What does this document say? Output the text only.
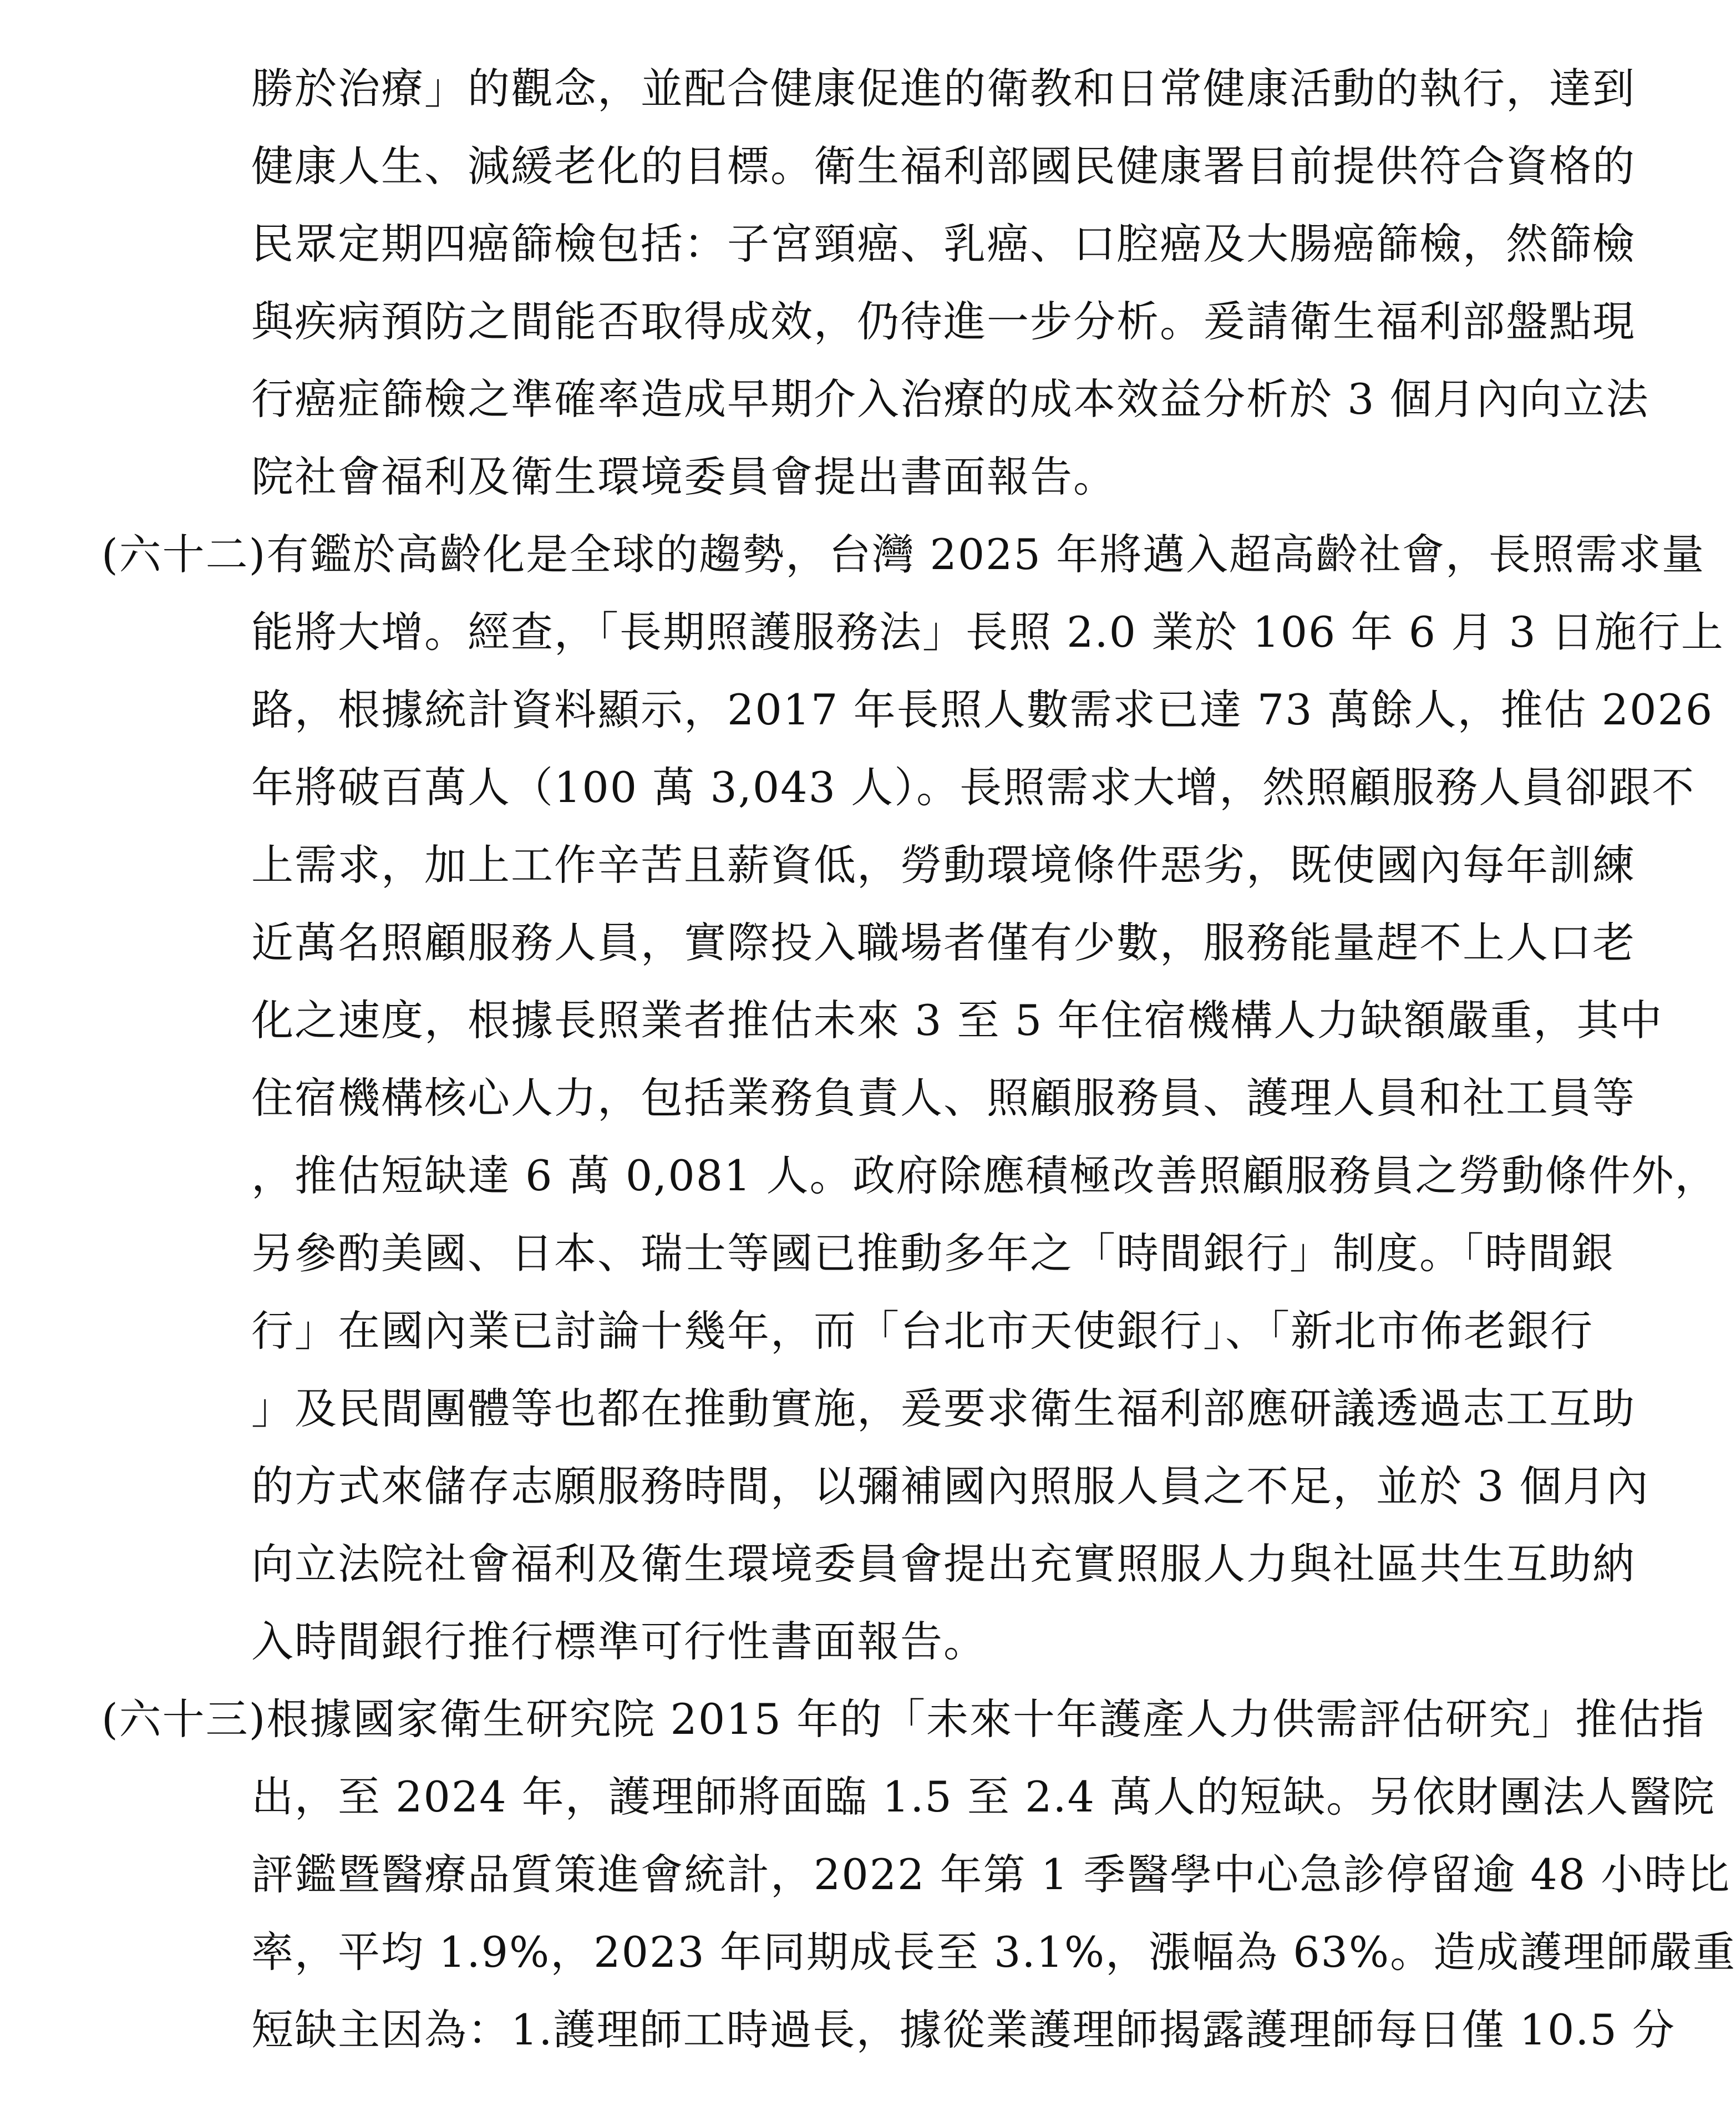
勝於治療」的觀念，並配合健康促進的衛教和日常健康活動的執行，達到
健康人生、減緩老化的目標。衛生福利部國民健康署目前提供符合資格的
民眾定期四癌篩檢包括：子宮頸癌、乳癌、口腔癌及大腸癌篩檢，然篩檢
與疾病預防之間能否取得成效，仍待進一步分析。爰請衛生福利部盤點現
行癌症篩檢之準確率造成早期介入治療的成本效益分析於 3 個月內向立法
院社會福利及衛生環境委員會提出書面報告。
(六十二)有鑑於高齡化是全球的趨勢，台灣 2025 年將邁入超高齡社會，長照需求量
能將大增。經查，「長期照護服務法」長照 2.0 業於 106 年 6 月 3 日施行上
路，根據統計資料顯示，2017 年長照人數需求已達 73 萬餘人，推估 2026
年將破百萬人（100 萬 3,043 人）。長照需求大增，然照顧服務人員卻跟不
上需求，加上工作辛苦且薪資低，勞動環境條件惡劣，既使國內每年訓練
近萬名照顧服務人員，實際投入職場者僅有少數，服務能量趕不上人口老
化之速度，根據長照業者推估未來 3 至 5 年住宿機構人力缺額嚴重，其中
住宿機構核心人力，包括業務負責人、照顧服務員、護理人員和社工員等
，推估短缺達 6 萬 0,081 人。政府除應積極改善照顧服務員之勞動條件外，
另參酌美國、日本、瑞士等國已推動多年之「時間銀行」制度。「時間銀
行」在國內業已討論十幾年，而「台北市天使銀行」、「新北市佈老銀行
」及民間團體等也都在推動實施，爰要求衛生福利部應研議透過志工互助
的方式來儲存志願服務時間，以彌補國內照服人員之不足，並於 3 個月內
向立法院社會福利及衛生環境委員會提出充實照服人力與社區共生互助納
入時間銀行推行標準可行性書面報告。
(六十三)根據國家衛生研究院 2015 年的「未來十年護產人力供需評估研究」推估指
出，至 2024 年，護理師將面臨 1.5 至 2.4 萬人的短缺。另依財團法人醫院
評鑑暨醫療品質策進會統計，2022 年第 1 季醫學中心急診停留逾 48 小時比
率，平均 1.9%，2023 年同期成長至 3.1%，漲幅為 63%。造成護理師嚴重
短缺主因為：1.護理師工時過長，據從業護理師揭露護理師每日僅 10.5 分
